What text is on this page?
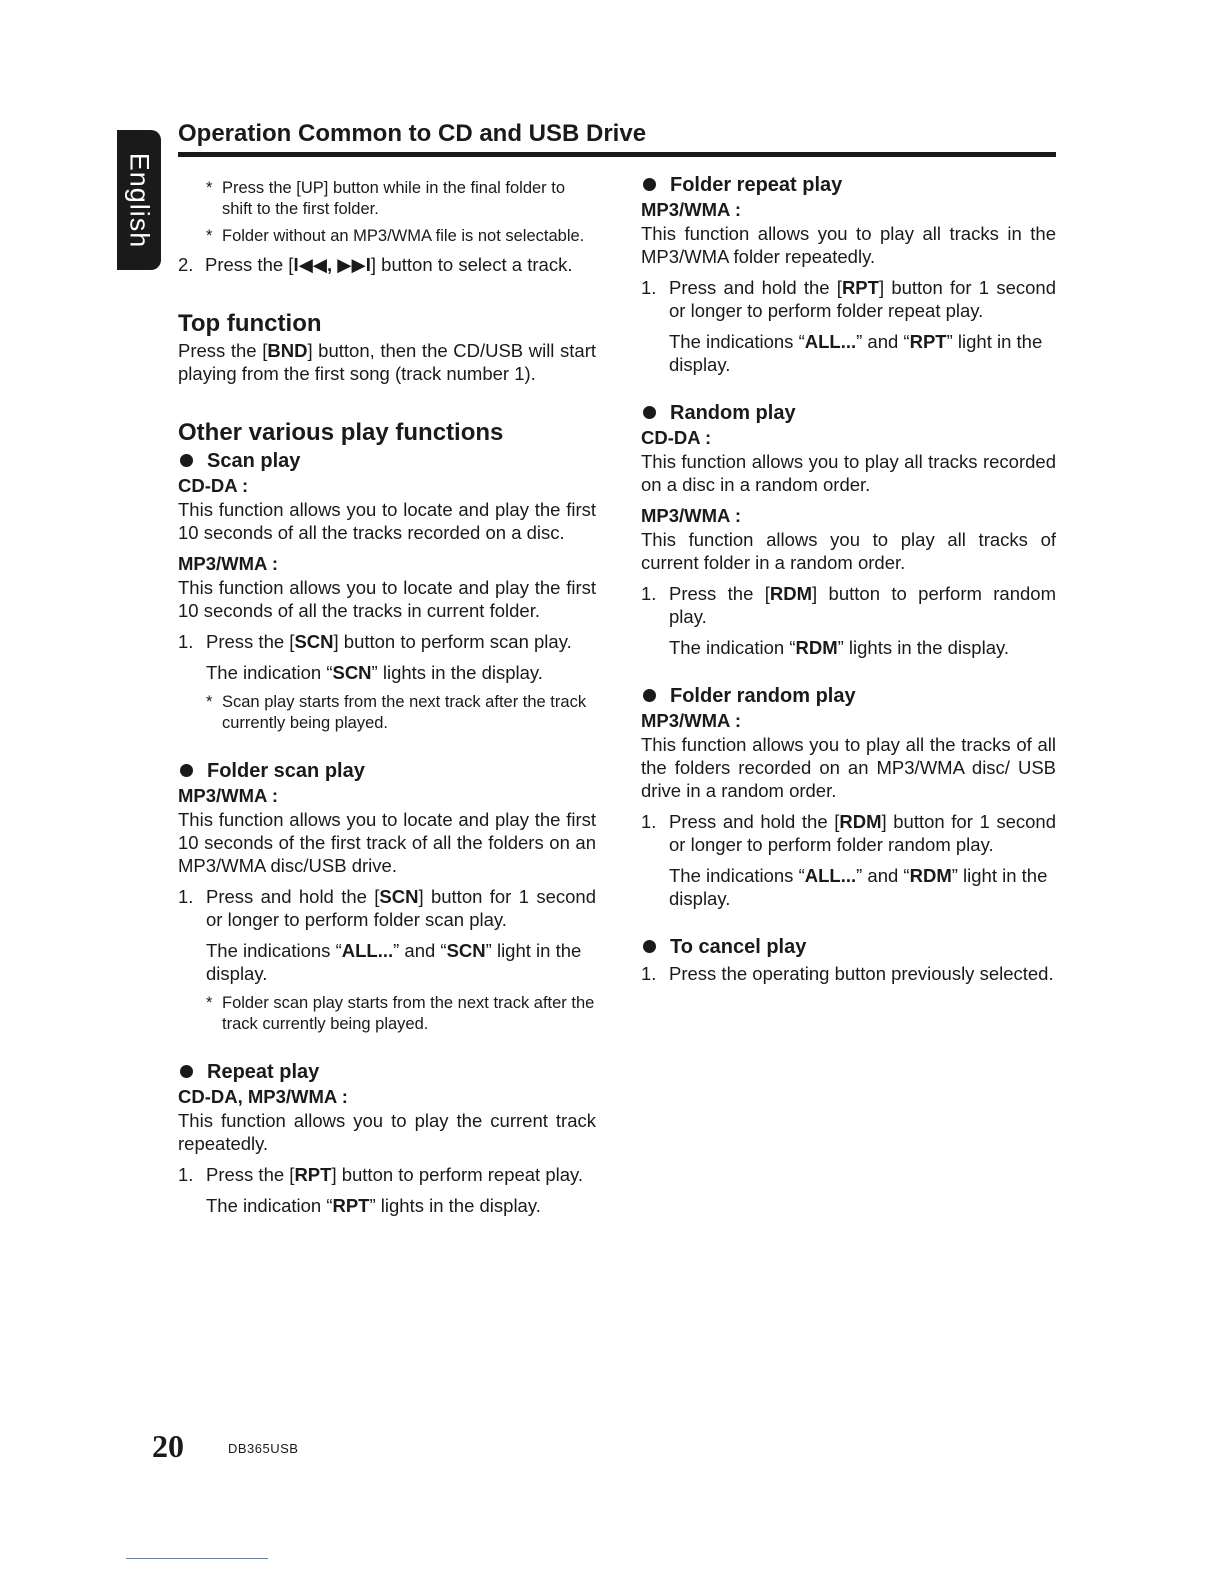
English
Operation Common to CD and USB Drive
* Press the [UP] button while in the final folder to shift to the first folder.
* Folder without an MP3/WMA file is not selectable.
2. Press the [I◀◀, ▶▶I] button to select a track.
Top function

Press the [BND] button, then the CD/USB will start playing from the first song (track number 1).

Other various play functions
Scan play

CD-DA :

This function allows you to locate and play the first 10 seconds of all the tracks recorded on a disc.

MP3/WMA :

This function allows you to locate and play the first 10 seconds of all the tracks in current folder.

1. Press the [SCN] button to perform scan play.
The indication “SCN” lights in the display.
* Scan play starts from the next track after the track currently being played.
Folder scan play

MP3/WMA :

This function allows you to locate and play the first 10 seconds of the first track of all the folders on an MP3/WMA disc/USB drive.

1. Press and hold the [SCN] button for 1 second or longer to perform folder scan play.
The indications “ALL...” and “SCN” light in the display.
* Folder scan play starts from the next track after the track currently being played.
Repeat play

CD-DA, MP3/WMA :

This function allows you to play the current track repeatedly.

1. Press the [RPT] button to perform repeat play.
The indication “RPT” lights in the display.
Folder repeat play

MP3/WMA :

This function allows you to play all tracks in the MP3/WMA folder repeatedly.

1. Press and hold the [RPT] button for 1 second or longer to perform folder repeat play.
The indications “ALL...” and “RPT” light in the display.
Random play

CD-DA :

This function allows you to play all tracks recorded on a disc in a random order.

MP3/WMA :

This function allows you to play all tracks of current folder in a random order.

1. Press the [RDM] button to perform random play.
The indication “RDM” lights in the display.
Folder random play

MP3/WMA :

This function allows you to play all the tracks of all the folders recorded on an MP3/WMA disc/ USB drive in a random order.

1. Press and hold the [RDM] button for 1 second or longer to perform folder random play.
The indications “ALL...” and “RDM” light in the display.
To cancel play
1. Press the operating button previously selected.
20	DB365USB
